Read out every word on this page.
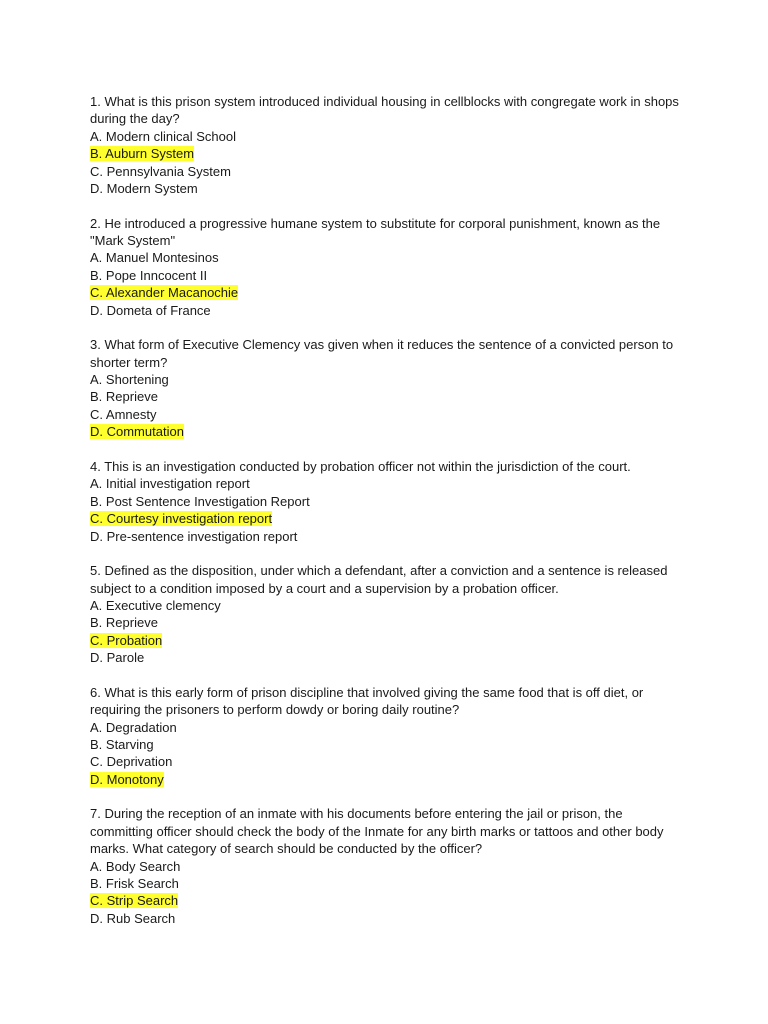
1. What is this prison system introduced individual housing in cellblocks with congregate work in shops during the day?

A. Modern clinical School

B. Auburn System

C. Pennsylvania System

D. Modern System

2. He introduced a progressive humane system to substitute for corporal punishment, known as the "Mark System"

A. Manuel Montesinos

B. Pope Inncocent II

C. Alexander Macanochie

D. Dometa of France

3. What form of Executive Clemency vas given when it reduces the sentence of a convicted person to shorter term?

A. Shortening

B. Reprieve

C. Amnesty

D. Commutation

4. This is an investigation conducted by probation officer not within the jurisdiction of the court.

A. Initial investigation report

B. Post Sentence Investigation Report

C. Courtesy investigation report

D. Pre-sentence investigation report

5. Defined as the disposition, under which a defendant, after a conviction and a sentence is released subject to a condition imposed by a court and a supervision by a probation officer.

A. Executive clemency

B. Reprieve

C. Probation

D. Parole

6. What is this early form of prison discipline that involved giving the same food that is off diet, or requiring the prisoners to perform dowdy or boring daily routine?

A. Degradation

B. Starving

C. Deprivation

D. Monotony

7. During the reception of an inmate with his documents before entering the jail or prison, the committing officer should check the body of the Inmate for any birth marks or tattoos and other body marks. What category of search should be conducted by the officer?

A. Body Search

B. Frisk Search

C. Strip Search

D. Rub Search
